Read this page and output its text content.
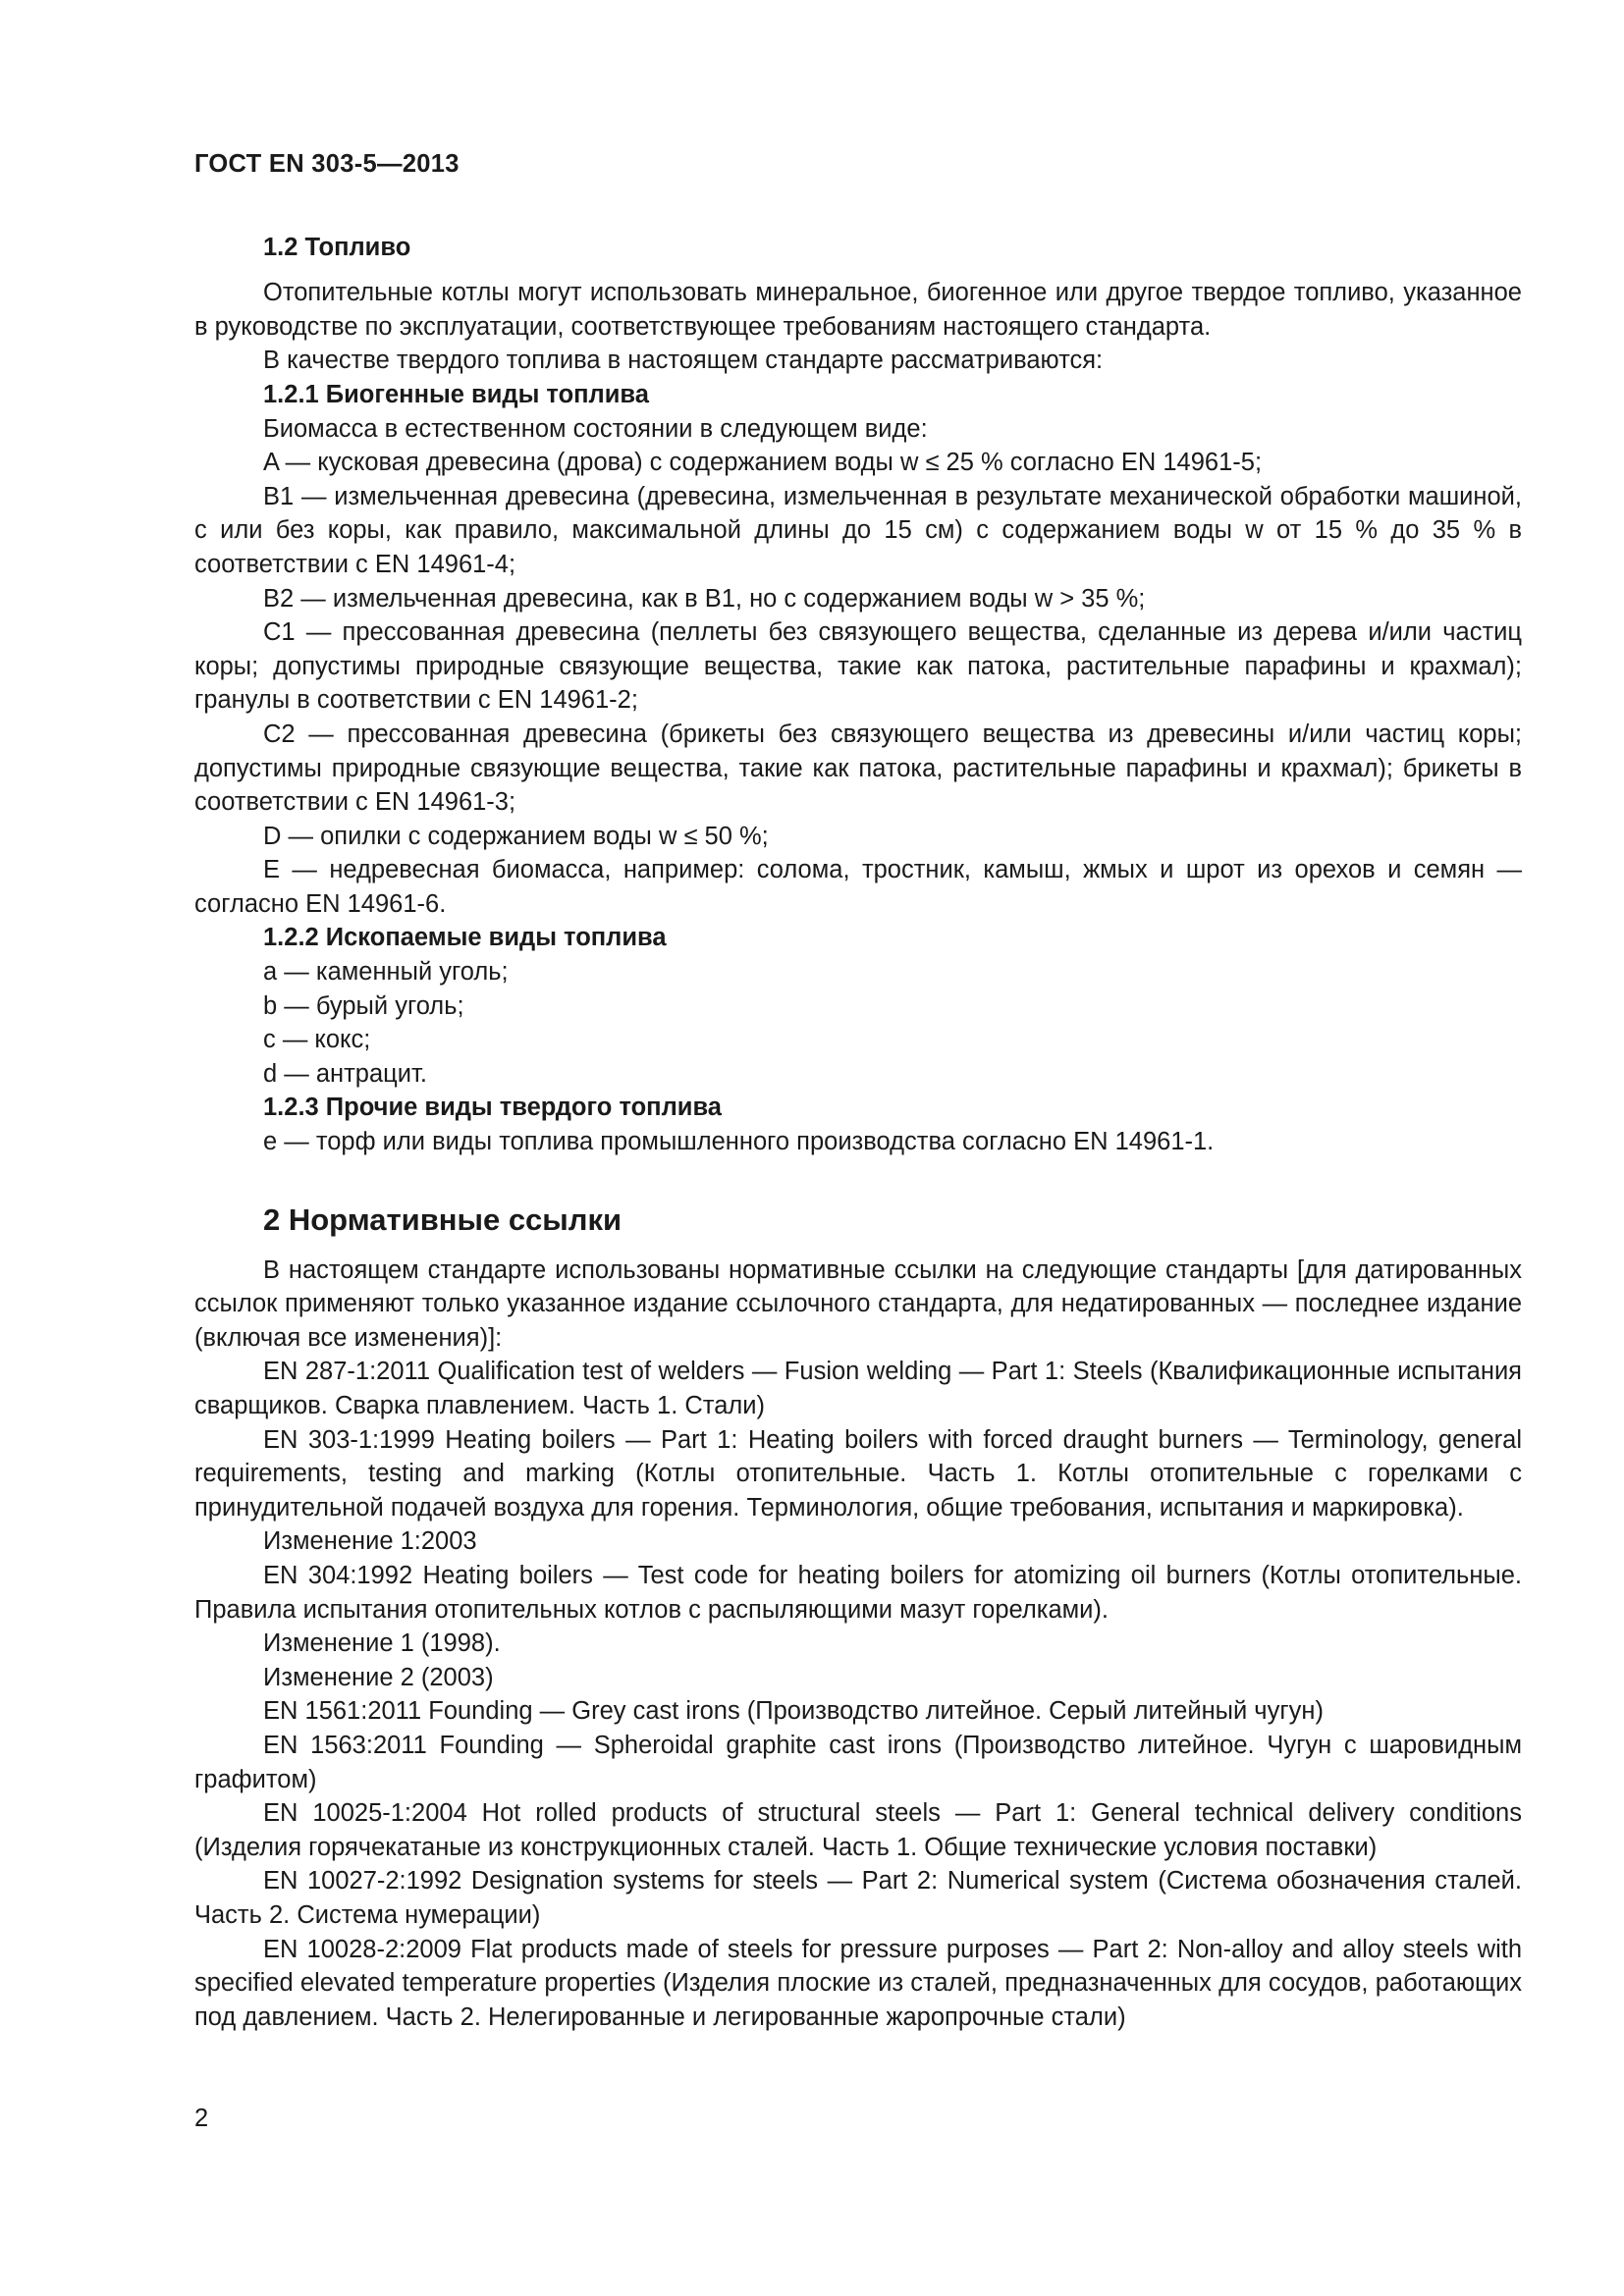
ГОСТ EN 303-5—2013
1.2 Топливо

Отопительные котлы могут использовать минеральное, биогенное или другое твердое топливо, указанное в руководстве по эксплуатации, соответствующее требованиям настоящего стандарта.

В качестве твердого топлива в настоящем стандарте рассматриваются:

1.2.1 Биогенные виды топлива

Биомасса в естественном состоянии в следующем виде:

A — кусковая древесина (дрова) с содержанием воды w ≤ 25 % согласно EN 14961-5;

B1 — измельченная древесина (древесина, измельченная в результате механической обработки машиной, с или без коры, как правило, максимальной длины до 15 см) с содержанием воды w от 15 % до 35 % в соответствии с EN 14961-4;

B2 — измельченная древесина, как в B1, но с содержанием воды w > 35 %;

C1 — прессованная древесина (пеллеты без связующего вещества, сделанные из дерева и/или частиц коры; допустимы природные связующие вещества, такие как патока, растительные парафины и крахмал); гранулы в соответствии с EN 14961-2;

C2 — прессованная древесина (брикеты без связующего вещества из древесины и/или частиц коры; допустимы природные связующие вещества, такие как патока, растительные парафины и крахмал); брикеты в соответствии с EN 14961-3;

D — опилки с содержанием воды w ≤ 50 %;

E — недревесная биомасса, например: солома, тростник, камыш, жмых и шрот из орехов и семян — согласно EN 14961-6.

1.2.2 Ископаемые виды топлива

a — каменный уголь;

b — бурый уголь;

c — кокс;

d — антрацит.

1.2.3 Прочие виды твердого топлива

e — торф или виды топлива промышленного производства согласно EN 14961-1.

2 Нормативные ссылки

В настоящем стандарте использованы нормативные ссылки на следующие стандарты [для датированных ссылок применяют только указанное издание ссылочного стандарта, для недатированных — последнее издание (включая все изменения)]:

EN 287-1:2011 Qualification test of welders — Fusion welding — Part 1: Steels (Квалификационные испытания сварщиков. Сварка плавлением. Часть 1. Стали)

EN 303-1:1999 Heating boilers — Part 1: Heating boilers with forced draught burners — Terminology, general requirements, testing and marking (Котлы отопительные. Часть 1. Котлы отопительные с горелками с принудительной подачей воздуха для горения. Терминология, общие требования, испытания и маркировка).

Изменение 1:2003

EN 304:1992 Heating boilers — Test code for heating boilers for atomizing oil burners (Котлы отопительные. Правила испытания отопительных котлов с распыляющими мазут горелками).

Изменение 1 (1998).

Изменение 2 (2003)

EN 1561:2011 Founding — Grey cast irons (Производство литейное. Серый литейный чугун)

EN 1563:2011 Founding — Spheroidal graphite cast irons (Производство литейное. Чугун с шаровидным графитом)

EN 10025-1:2004 Hot rolled products of structural steels — Part 1: General technical delivery conditions (Изделия горячекатаные из конструкционных сталей. Часть 1. Общие технические условия поставки)

EN 10027-2:1992 Designation systems for steels — Part 2: Numerical system (Система обозначения сталей. Часть 2. Система нумерации)

EN 10028-2:2009 Flat products made of steels for pressure purposes — Part 2: Non-alloy and alloy steels with specified elevated temperature properties (Изделия плоские из сталей, предназначенных для сосудов, работающих под давлением. Часть 2. Нелегированные и легированные жаропрочные стали)

2
